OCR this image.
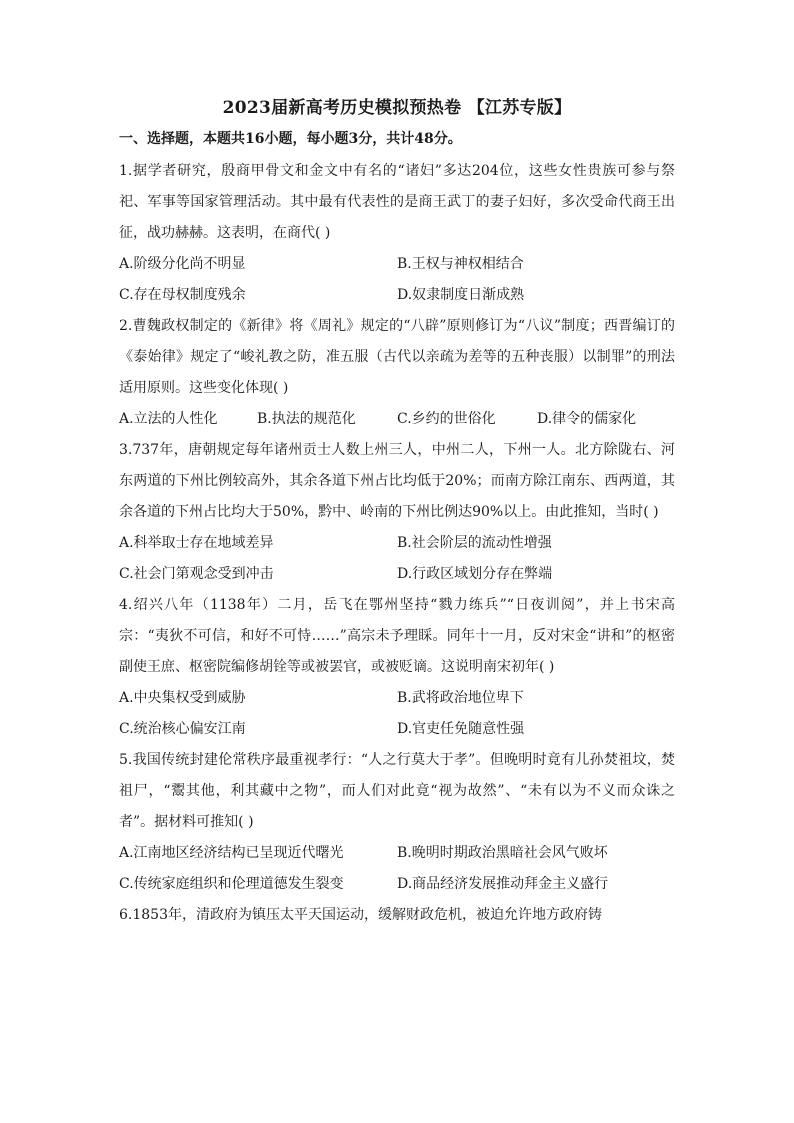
2023届新高考历史模拟预热卷 【江苏专版】
一、选择题，本题共16小题，每小题3分，共计48分。

1.据学者研究，殷商甲骨文和金文中有名的“诸妇”多达204位，这些女性贵族可参与祭祀、军事等国家管理活动。其中最有代表性的是商王武丁的妻子妇好，多次受命代商王出征，战功赫赫。这表明，在商代( )

A.阶级分化尚不明显	B.王权与神权相结合
C.存在母权制度残余	D.奴隶制度日渐成熟

2.曹魏政权制定的《新律》将《周礼》规定的“八辟”原则修订为“八议”制度；西晋编订的《泰始律》规定了“峻礼教之防，准五服（古代以亲疏为差等的五种丧服）以制罪”的刑法适用原则。这些变化体现( )

A.立法的人性化	B.执法的规范化	C.乡约的世俗化	D.律令的儒家化

3.737年，唐朝规定每年诸州贡士人数上州三人，中州二人，下州一人。北方除陇右、河东两道的下州比例较高外，其余各道下州占比均低于20%；而南方除江南东、西两道，其余各道的下州占比均大于50%，黔中、岭南的下州比例达90%以上。由此推知，当时( )

A.科举取士存在地域差异	B.社会阶层的流动性增强
C.社会门第观念受到冲击	D.行政区域划分存在弊端

4.绍兴八年（1138年）二月，岳飞在鄂州坚持“戮力练兵”“日夜训阅”，并上书宋高宗：“夷狄不可信，和好不可恃……”高宗未予理睬。同年十一月，反对宋金“讲和”的枢密副使王庶、枢密院编修胡铨等或被罢官，或被贬谪。这说明南宋初年( )

A.中央集权受到威胁	B.武将政治地位卑下
C.统治核心偏安江南	D.官吏任免随意性强

5.我国传统封建伦常秩序最重视孝行：“人之行莫大于孝”。但晚明时竟有儿孙焚祖坟，焚祖尸，“鬻其他，利其藏中之物”，而人们对此竟“视为故然”、“未有以为不义而众诛之者”。据材料可推知( )

A.江南地区经济结构已呈现近代曙光	B.晚明时期政治黑暗社会风气败坏
C.传统家庭组织和伦理道德发生裂变	D.商品经济发展推动拜金主义盛行

6.1853年，清政府为镇压太平天国运动，缓解财政危机，被迫允许地方政府铸
